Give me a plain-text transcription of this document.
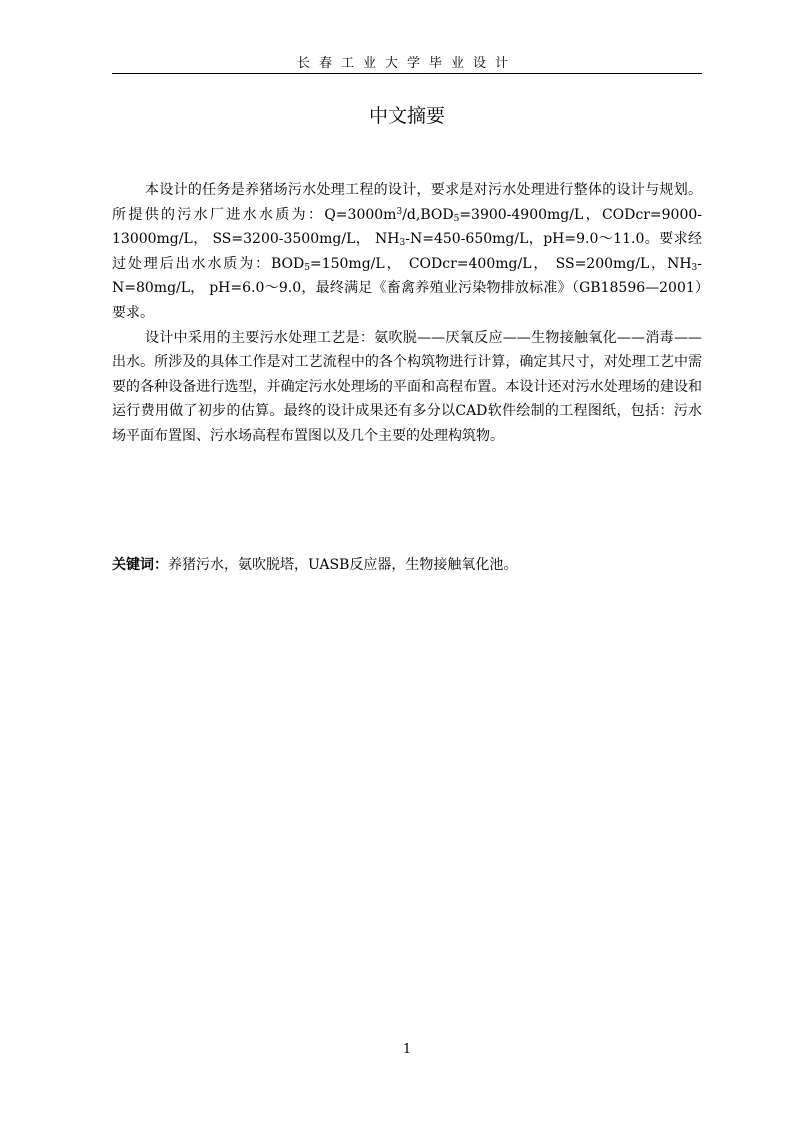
长春工业大学毕业设计
中文摘要

本设计的任务是养猪场污水处理工程的设计，要求是对污水处理进行整体的设计与规划。所提供的污水厂进水水质为：$Q=3000m^3/d,BOD_5=3900-4900mg/L$，CODcr=9000-13000mg/L， SS=3200-3500mg/L， $NH_3-N=450-650mg/L$，pH=9.0～11.0。要求经过处理后出水水质为：$BOD_5=150mg/L$， CODcr=400mg/L， SS=200mg/L，$NH_3-N=80mg/L$， pH=6.0～9.0，最终满足《畜禽养殖业污染物排放标准》（GB18596—2001）要求。

设计中采用的主要污水处理工艺是：氨吹脱——厌氧反应——生物接触氧化——消毒——出水。所涉及的具体工作是对工艺流程中的各个构筑物进行计算，确定其尺寸，对处理工艺中需要的各种设备进行选型，并确定污水处理场的平面和高程布置。本设计还对污水处理场的建设和运行费用做了初步的估算。最终的设计成果还有多分以CAD软件绘制的工程图纸，包括：污水场平面布置图、污水场高程布置图以及几个主要的处理构筑物。

关键词：养猪污水，氨吹脱塔，UASB反应器，生物接触氧化池。
1
